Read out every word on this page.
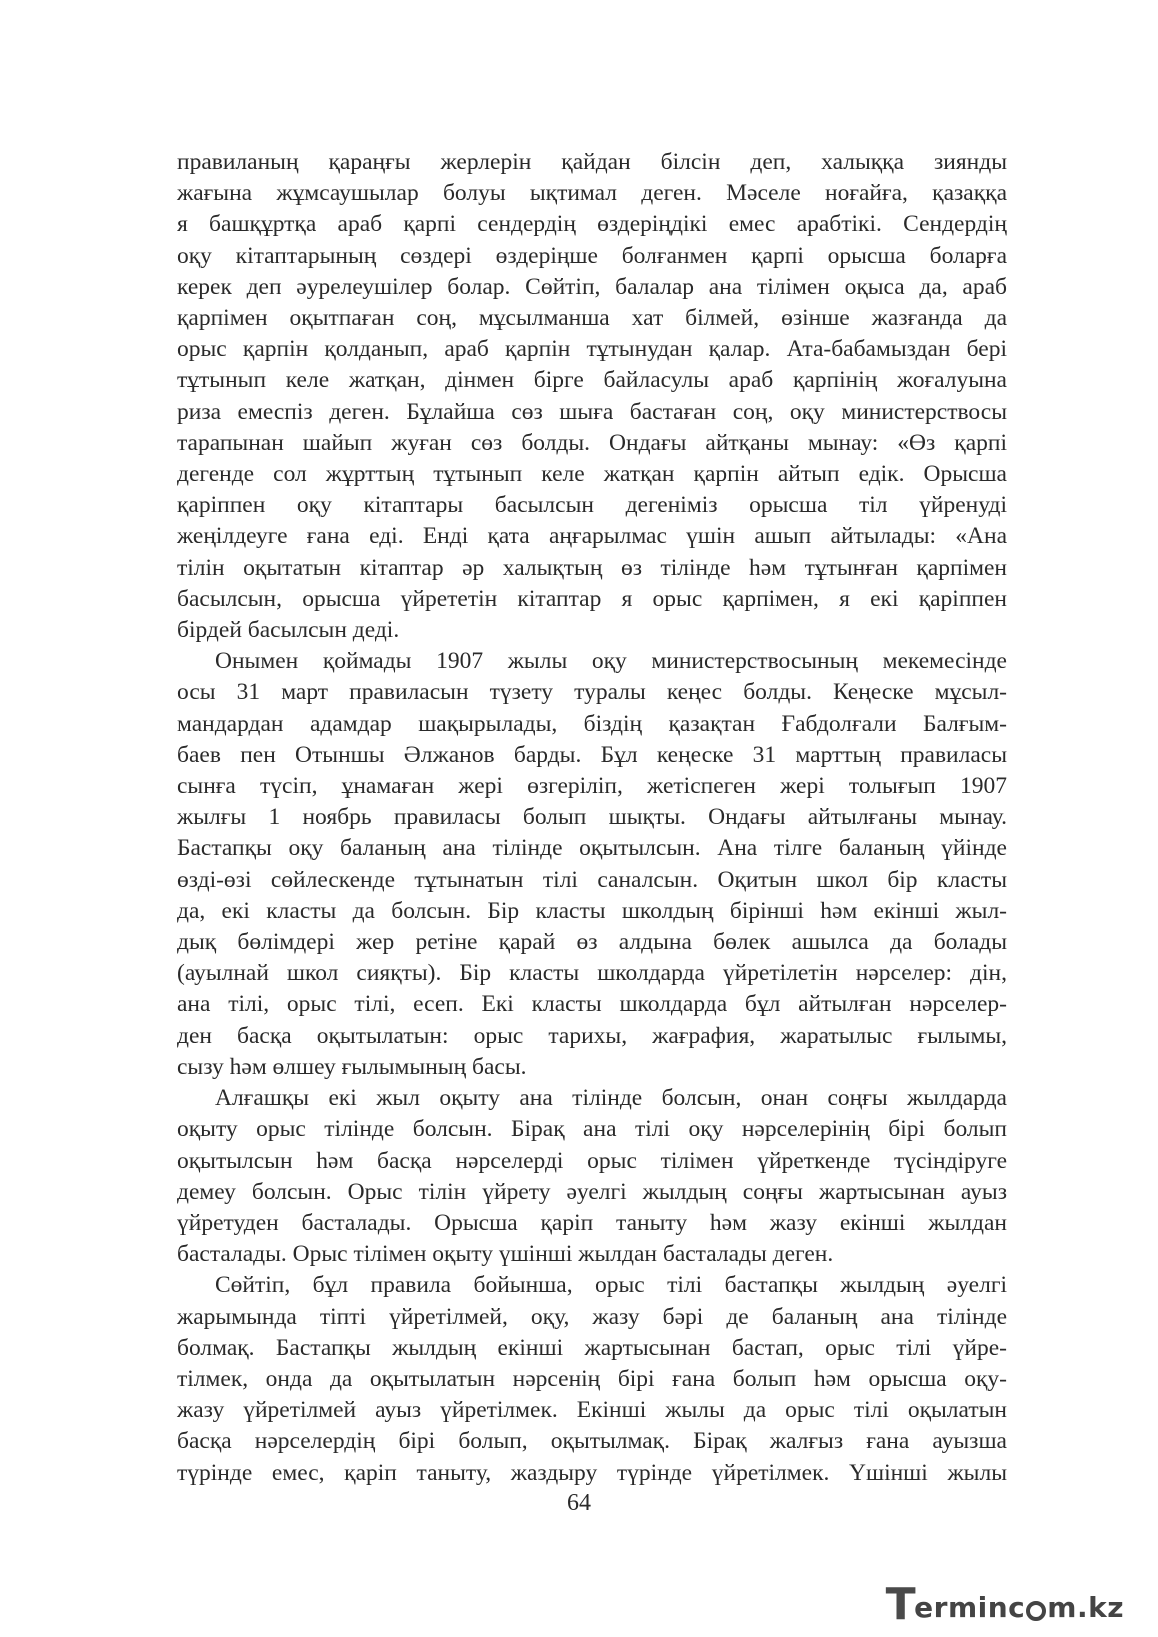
правиланың қараңғы жерлерін қайдан білсін деп, халыққа зиянды

жағына жұмсаушылар болуы ықтимал деген. Мәселе ноғайға, қазаққа

я башқұртқа араб қарпі сендердің өздеріңдікі емес арабтікі. Сендердің

оқу кітаптарының сөздері өздеріңше болғанмен қарпі орысша боларға

керек деп әурелеушілер болар. Сөйтіп, балалар ана тілімен оқыса да, араб

қарпімен оқытпаған соң, мұсылманша хат білмей, өзінше жазғанда да

орыс қарпін қолданып, араб қарпін тұтынудан қалар. Ата-бабамыздан бері

тұтынып келе жатқан, дінмен бірге байласулы араб қарпінің жоғалуына

риза емеспіз деген. Бұлайша сөз шыға бастаған соң, оқу министерствосы

тарапынан шайып жуған сөз болды. Ондағы айтқаны мынау: «Өз қарпі

дегенде сол жұрттың тұтынып келе жатқан қарпін айтып едік. Орысша

қаріппен оқу кітаптары басылсын дегеніміз орысша тіл үйренуді

жеңілдеуге ғана еді. Енді қата аңғарылмас үшін ашып айтылады: «Ана

тілін оқытатын кітаптар әр халықтың өз тілінде һәм тұтынған қарпімен

басылсын, орысша үйрететін кітаптар я орыс қарпімен, я екі қаріппен

бірдей басылсын деді.

Онымен қоймады 1907 жылы оқу министерствосының мекемесінде

осы 31 март правиласын түзету туралы кеңес болды. Кеңеске мұсыл-

мандардан адамдар шақырылады, біздің қазақтан Ғабдолғали Балғым-

баев пен Отыншы Әлжанов барды. Бұл кеңеске 31 марттың правиласы

сынға түсіп, ұнамаған жері өзгеріліп, жетіспеген жері толығып 1907

жылғы 1 ноябрь правиласы болып шықты. Ондағы айтылғаны мынау.

Бастапқы оқу баланың ана тілінде оқытылсын. Ана тілге баланың үйінде

өзді-өзі сөйлескенде тұтынатын тілі саналсын. Оқитын школ бір класты

да, екі класты да болсын. Бір класты школдың бірінші һәм екінші жыл-

дық бөлімдері жер ретіне қарай өз алдына бөлек ашылса да болады

(ауылнай школ сияқты). Бір класты школдарда үйретілетін нәрселер: дін,

ана тілі, орыс тілі, есеп. Екі класты школдарда бұл айтылған нәрселер-

ден басқа оқытылатын: орыс тарихы, жағрафия, жаратылыс ғылымы,

сызу һәм өлшеу ғылымының басы.

Алғашқы екі жыл оқыту ана тілінде болсын, онан соңғы жылдарда

оқыту орыс тілінде болсын. Бірақ ана тілі оқу нәрселерінің бірі болып

оқытылсын һәм басқа нәрселерді орыс тілімен үйреткенде түсіндіруге

демеу болсын. Орыс тілін үйрету әуелгі жылдың соңғы жартысынан ауыз

үйретуден басталады. Орысша қаріп таныту һәм жазу екінші жылдан

басталады. Орыс тілімен оқыту үшінші жылдан басталады деген.

Сөйтіп, бұл правила бойынша, орыс тілі бастапқы жылдың әуелгі

жарымында тіпті үйретілмей, оқу, жазу бәрі де баланың ана тілінде

болмақ. Бастапқы жылдың екінші жартысынан бастап, орыс тілі үйре-

тілмек, онда да оқытылатын нәрсенің бірі ғана болып һәм орысша оқу-

жазу үйретілмей ауыз үйретілмек. Екінші жылы да орыс тілі оқылатын

басқа нәрселердің бірі болып, оқытылмақ. Бірақ жалғыз ғана ауызша

түрінде емес, қаріп таныту, жаздыру түрінде үйретілмек. Үшінші жылы

64
T
erminc m.kz
